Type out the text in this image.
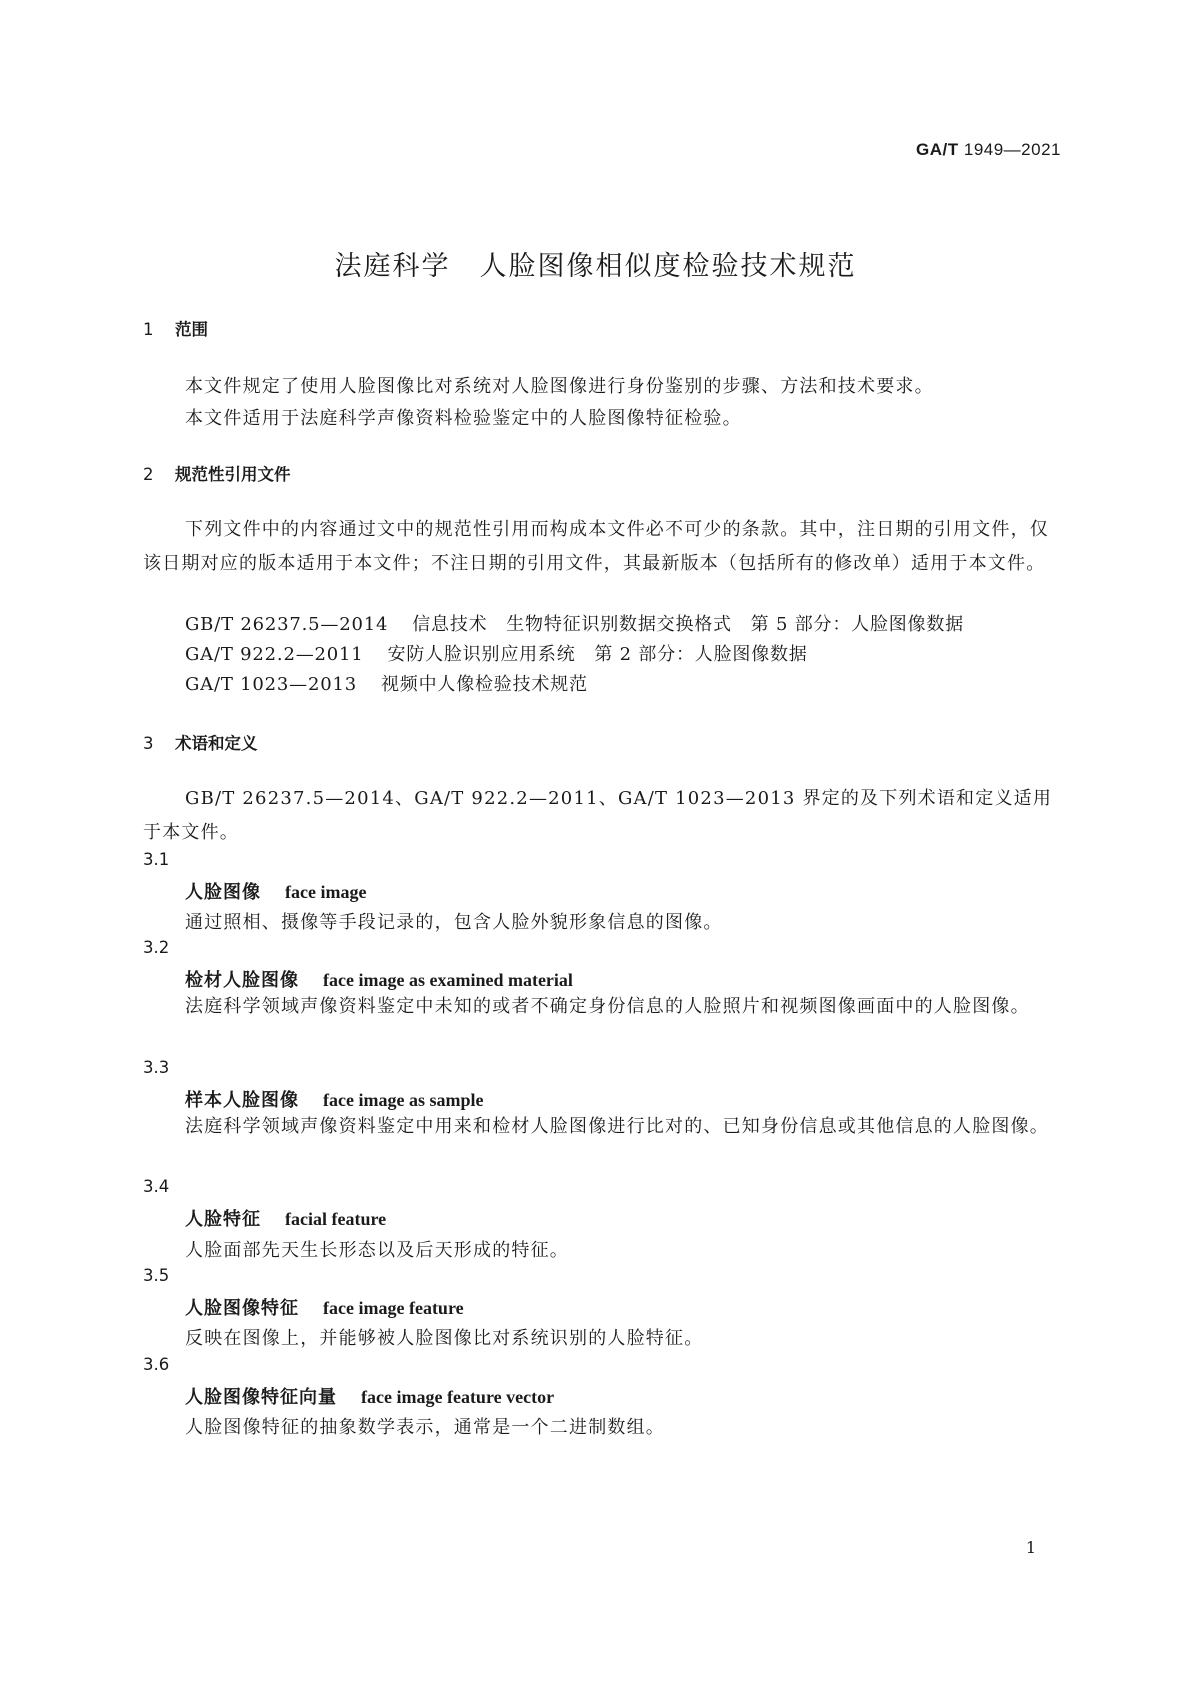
GA/T 1949—2021
法庭科学　人脸图像相似度检验技术规范
1 范围
本文件规定了使用人脸图像比对系统对人脸图像进行身份鉴别的步骤、方法和技术要求。
本文件适用于法庭科学声像资料检验鉴定中的人脸图像特征检验。
2 规范性引用文件
下列文件中的内容通过文中的规范性引用而构成本文件必不可少的条款。其中，注日期的引用文件，仅该日期对应的版本适用于本文件；不注日期的引用文件，其最新版本（包括所有的修改单）适用于本文件。
GB/T 26237.5—2014 信息技术　生物特征识别数据交换格式　第 5 部分：人脸图像数据
GA/T 922.2—2011 安防人脸识别应用系统　第 2 部分：人脸图像数据
GA/T 1023—2013 视频中人像检验技术规范
3 术语和定义
GB/T 26237.5—2014、GA/T 922.2—2011、GA/T 1023—2013 界定的及下列术语和定义适用于本文件。
3.1
人脸图像 face image
通过照相、摄像等手段记录的，包含人脸外貌形象信息的图像。
3.2
检材人脸图像 face image as examined material
法庭科学领域声像资料鉴定中未知的或者不确定身份信息的人脸照片和视频图像画面中的人脸图像。
3.3
样本人脸图像 face image as sample
法庭科学领域声像资料鉴定中用来和检材人脸图像进行比对的、已知身份信息或其他信息的人脸图像。
3.4
人脸特征 facial feature
人脸面部先天生长形态以及后天形成的特征。
3.5
人脸图像特征 face image feature
反映在图像上，并能够被人脸图像比对系统识别的人脸特征。
3.6
人脸图像特征向量 face image feature vector
人脸图像特征的抽象数学表示，通常是一个二进制数组。
1
